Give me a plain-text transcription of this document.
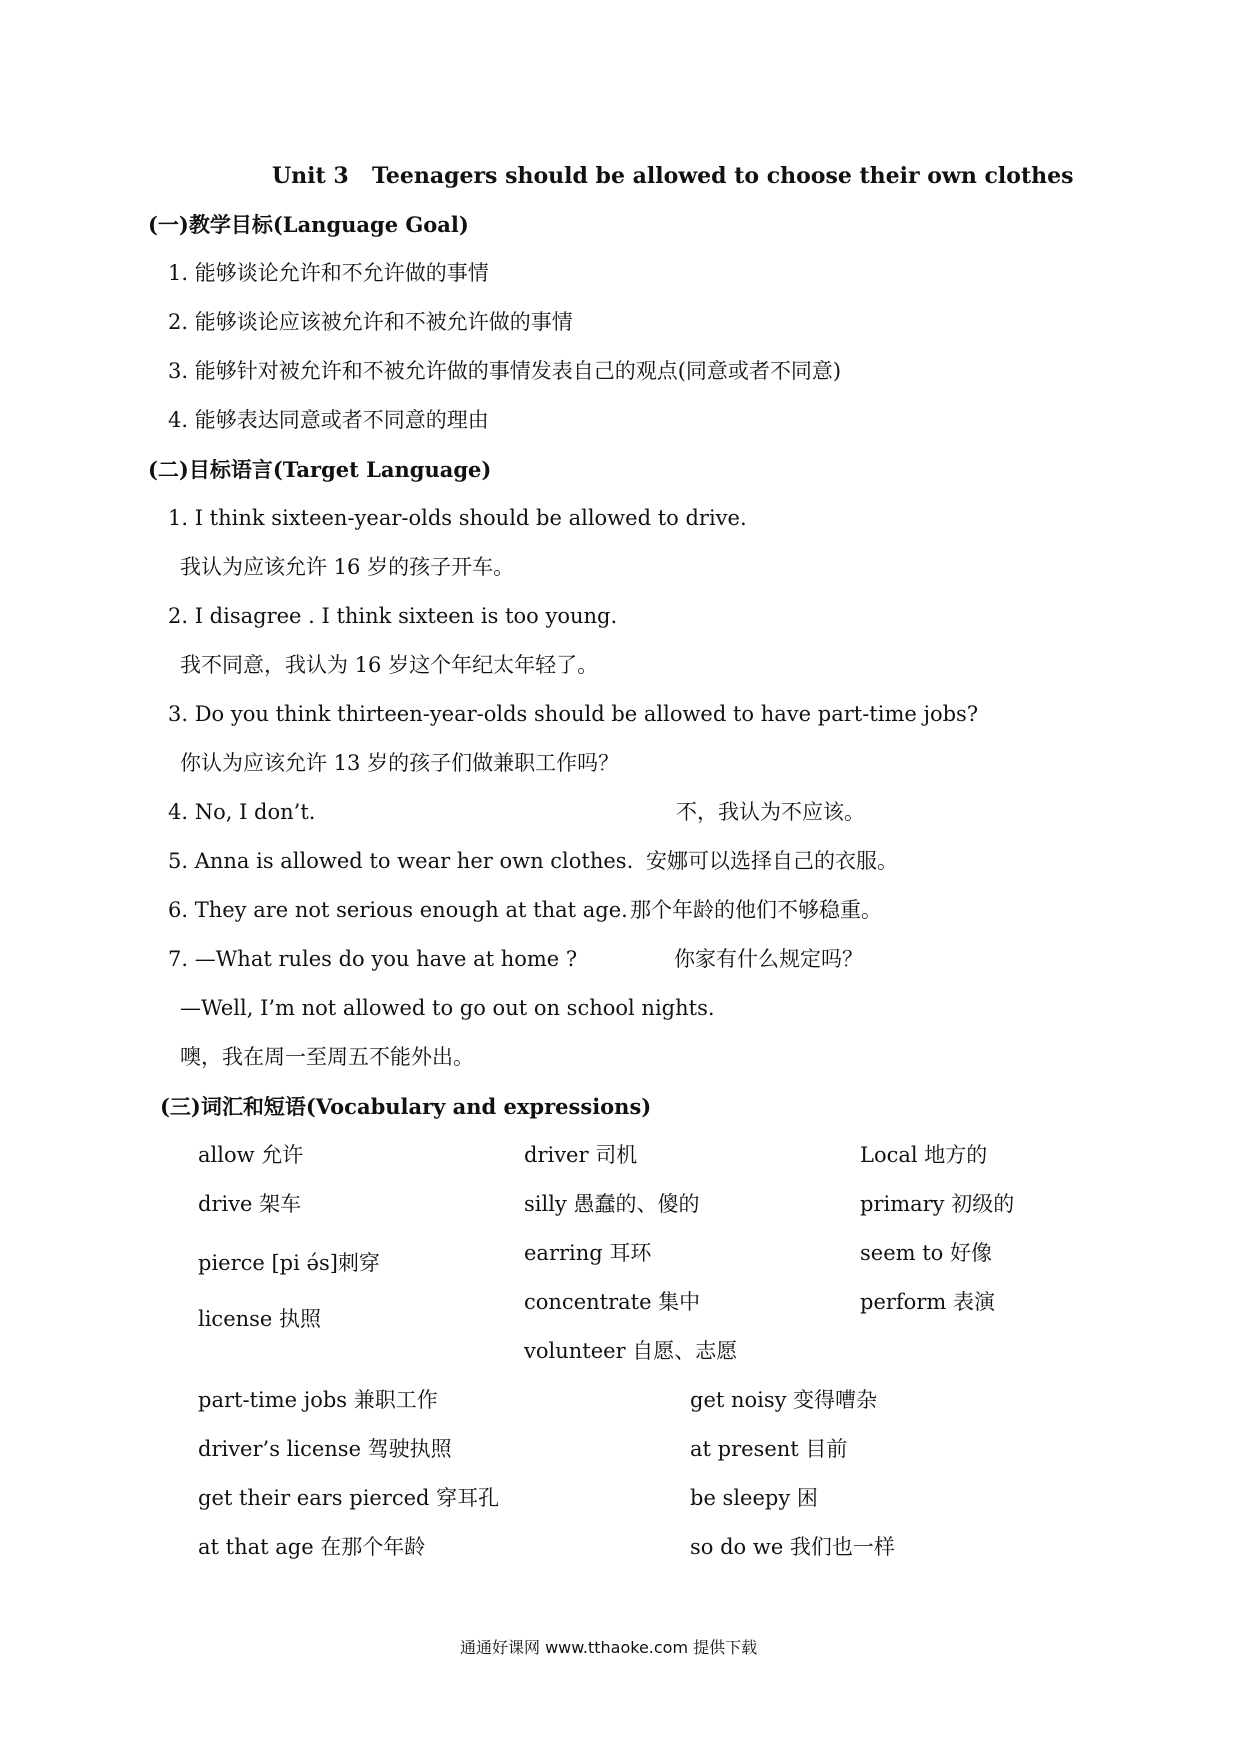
Unit 3 Teenagers should be allowed to choose their own clothes
(一)教学目标(Language Goal)
1. 能够谈论允许和不允许做的事情
2. 能够谈论应该被允许和不被允许做的事情
3. 能够针对被允许和不被允许做的事情发表自己的观点(同意或者不同意)
4. 能够表达同意或者不同意的理由
(二)目标语言(Target Language)
1. I think sixteen-year-olds should be allowed to drive.
我认为应该允许 16 岁的孩子开车。
2. I disagree . I think sixteen is too young.
我不同意，我认为 16 岁这个年纪太年轻了。
3. Do you think thirteen-year-olds should be allowed to have part-time jobs?
你认为应该允许 13 岁的孩子们做兼职工作吗？
4. No, I don’t.	不，我认为不应该。
5. Anna is allowed to wear her own clothes. 安娜可以选择自己的衣服。
6. They are not serious enough at that age. 那个年龄的他们不够稳重。
7. —What rules do you have at home ?	你家有什么规定吗？
—Well, I’m not allowed to go out on school nights.
噢，我在周一至周五不能外出。
(三)词汇和短语(Vocabulary and expressions)
allow 允许
drive 架车
pierce [pi ə́s]刺穿
license 执照
driver 司机
silly 愚蠢的、傻的
earring 耳环
concentrate 集中
volunteer 自愿、志愿
Local 地方的
primary 初级的
seem to 好像
perform 表演
part-time jobs 兼职工作
driver’s license 驾驶执照
get their ears pierced 穿耳孔
at that age 在那个年龄
get noisy 变得嘈杂
at present 目前
be sleepy 困
so do we 我们也一样
通通好课网 www.tthaoke.com 提供下载
